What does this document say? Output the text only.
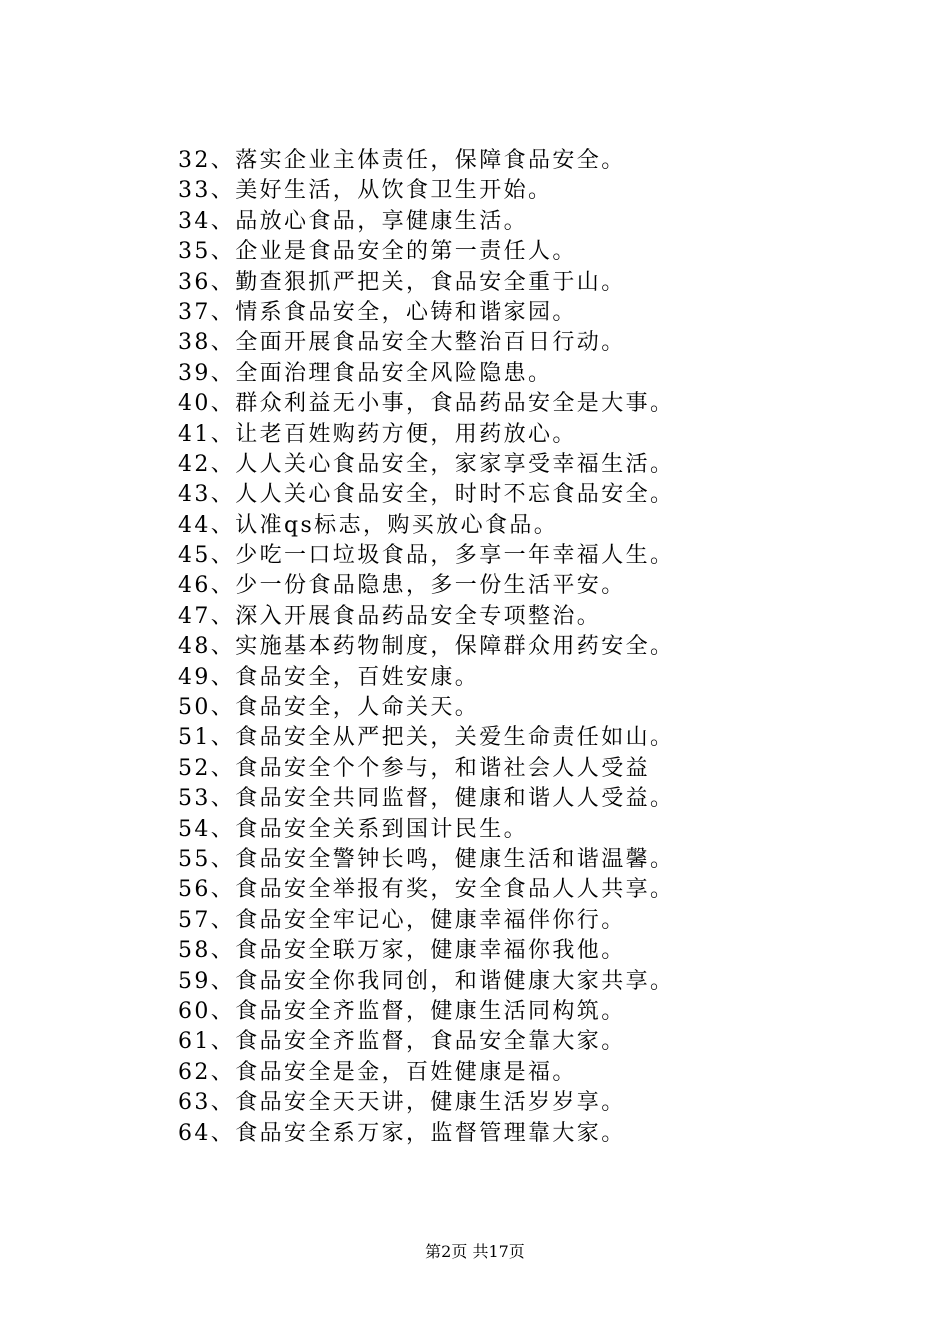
32、落实企业主体责任，保障食品安全。
33、美好生活，从饮食卫生开始。
34、品放心食品，享健康生活。
35、企业是食品安全的第一责任人。
36、勤查狠抓严把关，食品安全重于山。
37、情系食品安全，心铸和谐家园。
38、全面开展食品安全大整治百日行动。
39、全面治理食品安全风险隐患。
40、群众利益无小事，食品药品安全是大事。
41、让老百姓购药方便，用药放心。
42、人人关心食品安全，家家享受幸福生活。
43、人人关心食品安全，时时不忘食品安全。
44、认准qs标志，购买放心食品。
45、少吃一口垃圾食品，多享一年幸福人生。
46、少一份食品隐患，多一份生活平安。
47、深入开展食品药品安全专项整治。
48、实施基本药物制度，保障群众用药安全。
49、食品安全，百姓安康。
50、食品安全，人命关天。
51、食品安全从严把关，关爱生命责任如山。
52、食品安全个个参与，和谐社会人人受益
53、食品安全共同监督，健康和谐人人受益。
54、食品安全关系到国计民生。
55、食品安全警钟长鸣，健康生活和谐温馨。
56、食品安全举报有奖，安全食品人人共享。
57、食品安全牢记心，健康幸福伴你行。
58、食品安全联万家，健康幸福你我他。
59、食品安全你我同创，和谐健康大家共享。
60、食品安全齐监督，健康生活同构筑。
61、食品安全齐监督，食品安全靠大家。
62、食品安全是金，百姓健康是福。
63、食品安全天天讲，健康生活岁岁享。
64、食品安全系万家，监督管理靠大家。
第2页 共17页
